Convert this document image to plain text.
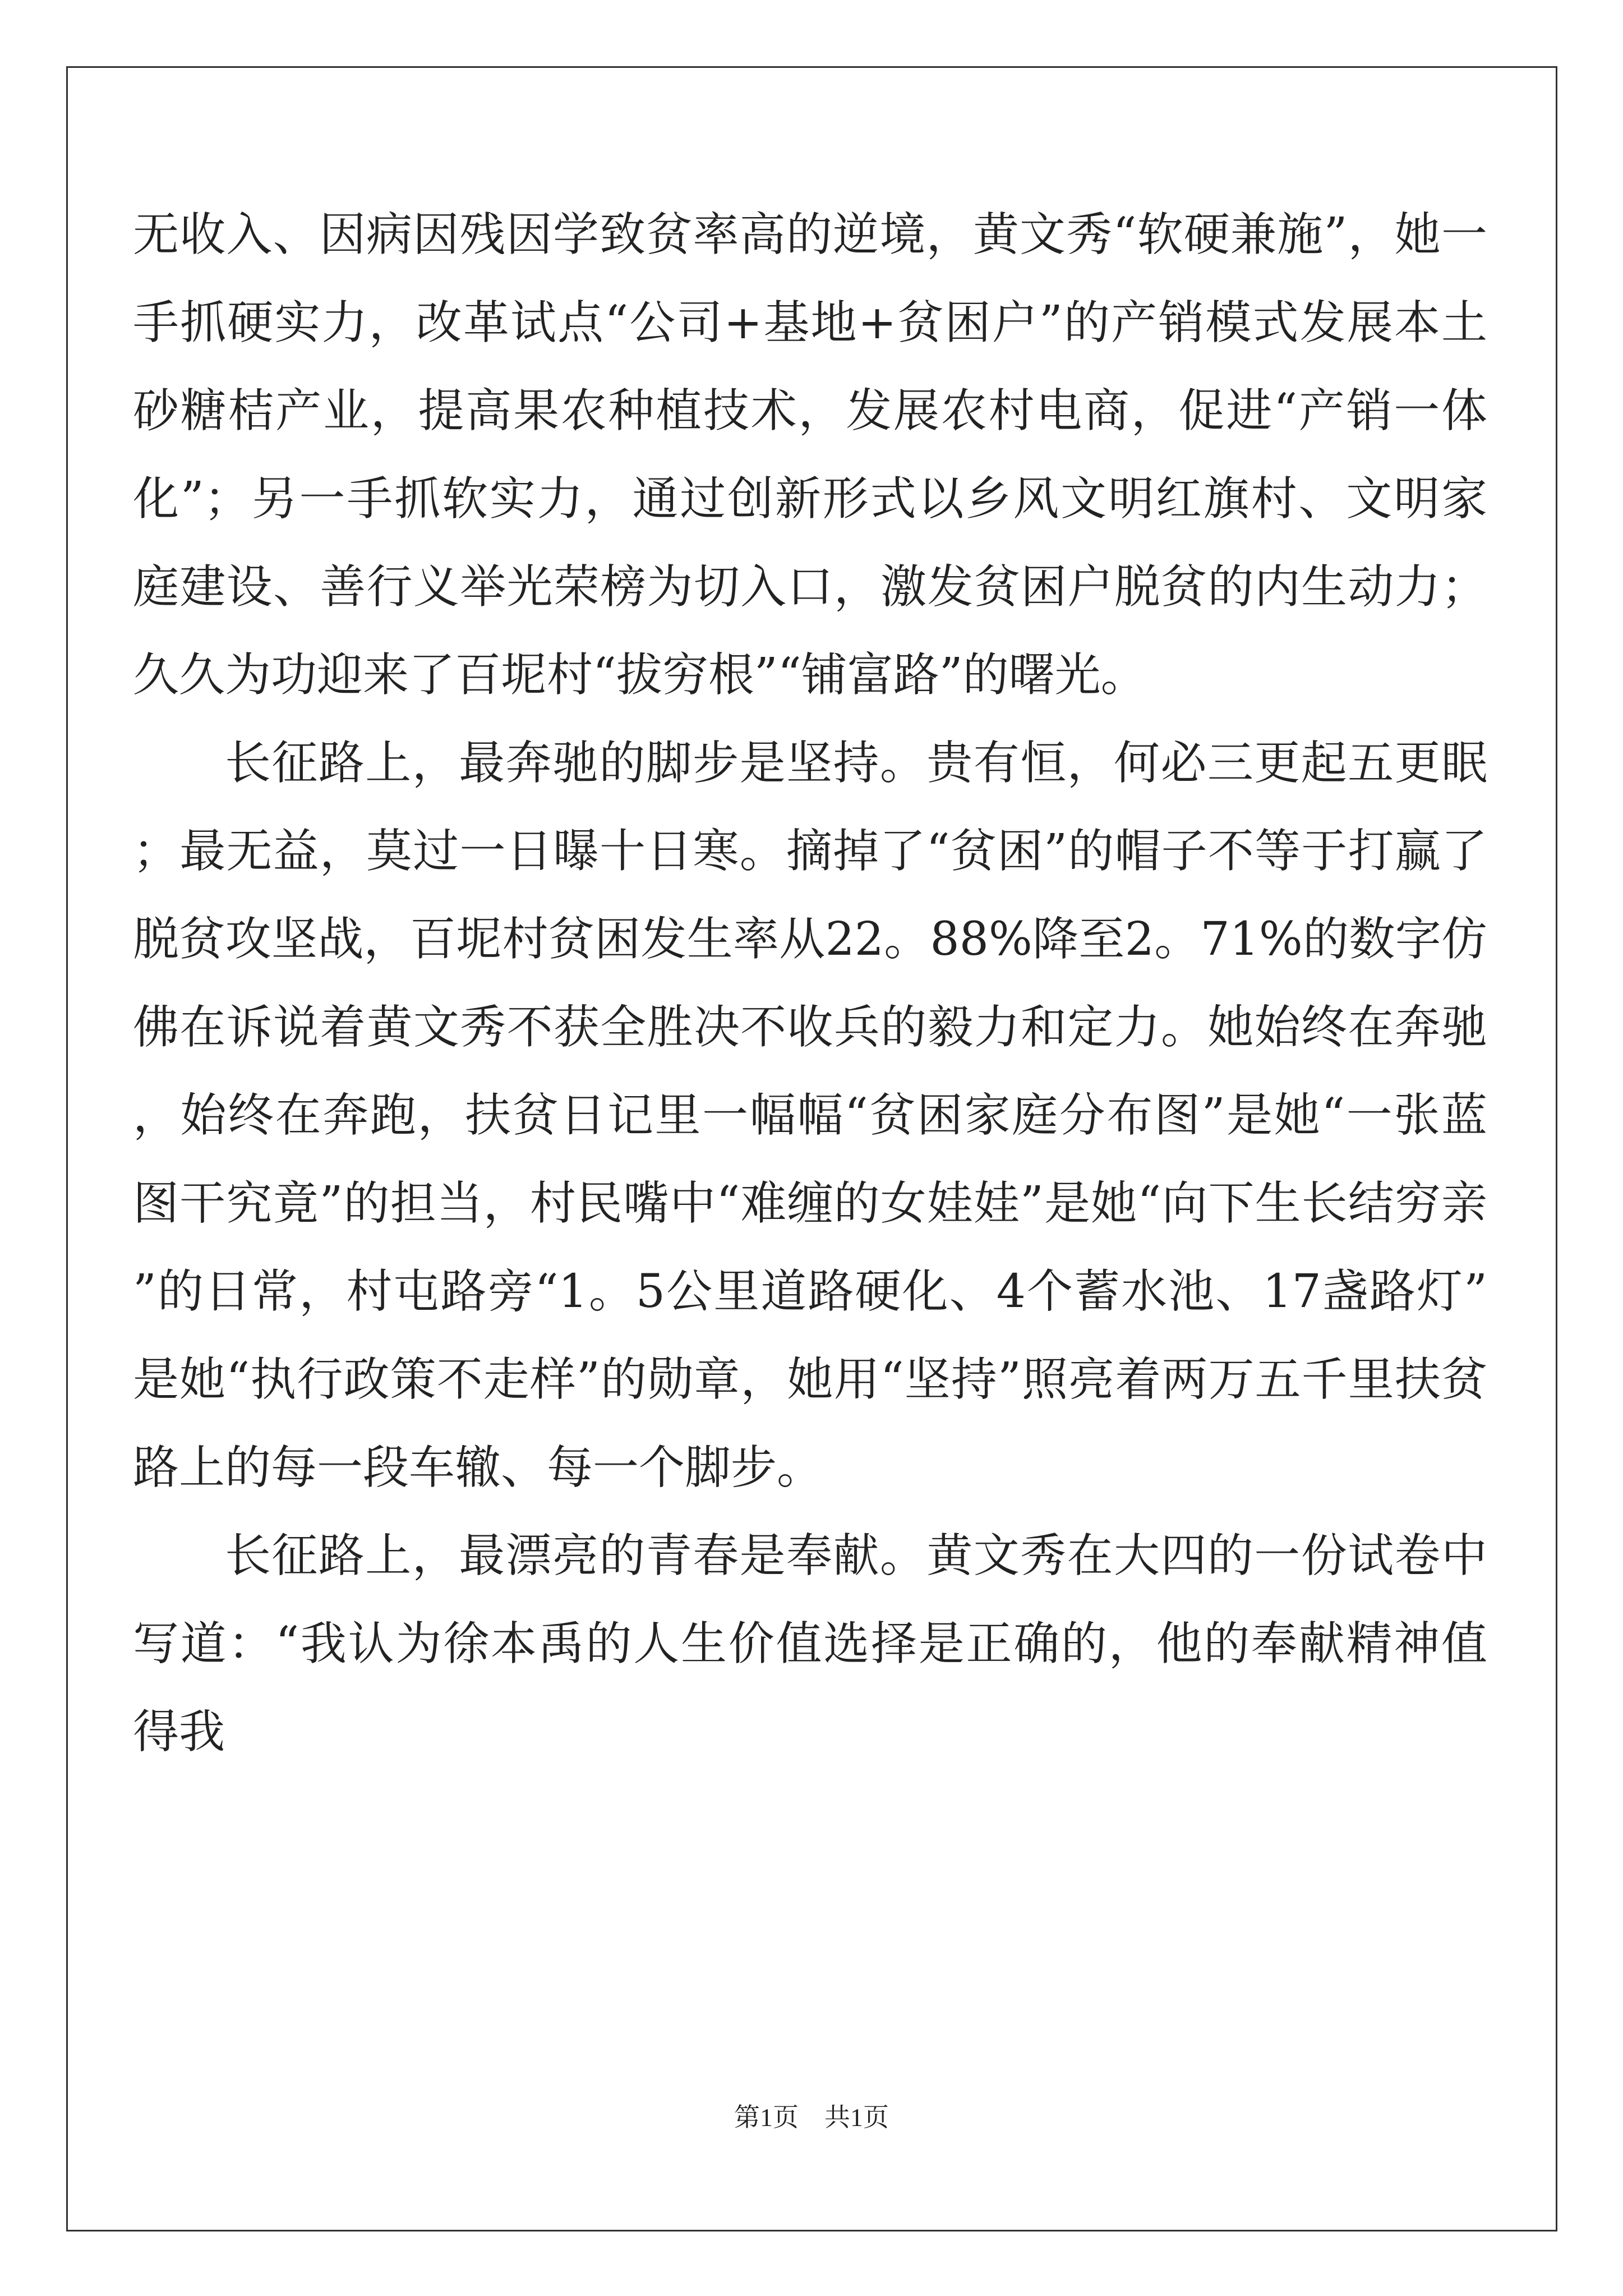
无收入、因病因残因学致贫率高的逆境，黄文秀“软硬兼施”，她一手抓硬实力，改革试点“公司+基地+贫困户”的产销模式发展本土砂糖桔产业，提高果农种植技术，发展农村电商，促进“产销一体化”；另一手抓软实力，通过创新形式以乡风文明红旗村、文明家庭建设、善行义举光荣榜为切入口，激发贫困户脱贫的内生动力；久久为功迎来了百坭村“拔穷根”“铺富路”的曙光。

长征路上，最奔驰的脚步是坚持。贵有恒，何必三更起五更眠；最无益，莫过一日曝十日寒。摘掉了“贫困”的帽子不等于打赢了脱贫攻坚战，百坭村贫困发生率从22。88%降至2。71%的数字仿佛在诉说着黄文秀不获全胜决不收兵的毅力和定力。她始终在奔驰，始终在奔跑，扶贫日记里一幅幅“贫困家庭分布图”是她“一张蓝图干究竟”的担当，村民嘴中“难缠的女娃娃”是她“向下生长结穷亲”的日常，村屯路旁“1。5公里道路硬化、4个蓄水池、17盏路灯”是她“执行政策不走样”的勋章，她用“坚持”照亮着两万五千里扶贫路上的每一段车辙、每一个脚步。

长征路上，最漂亮的青春是奉献。黄文秀在大四的一份试卷中写道：“我认为徐本禹的人生价值选择是正确的，他的奉献精神值得我

第1页 共1页
